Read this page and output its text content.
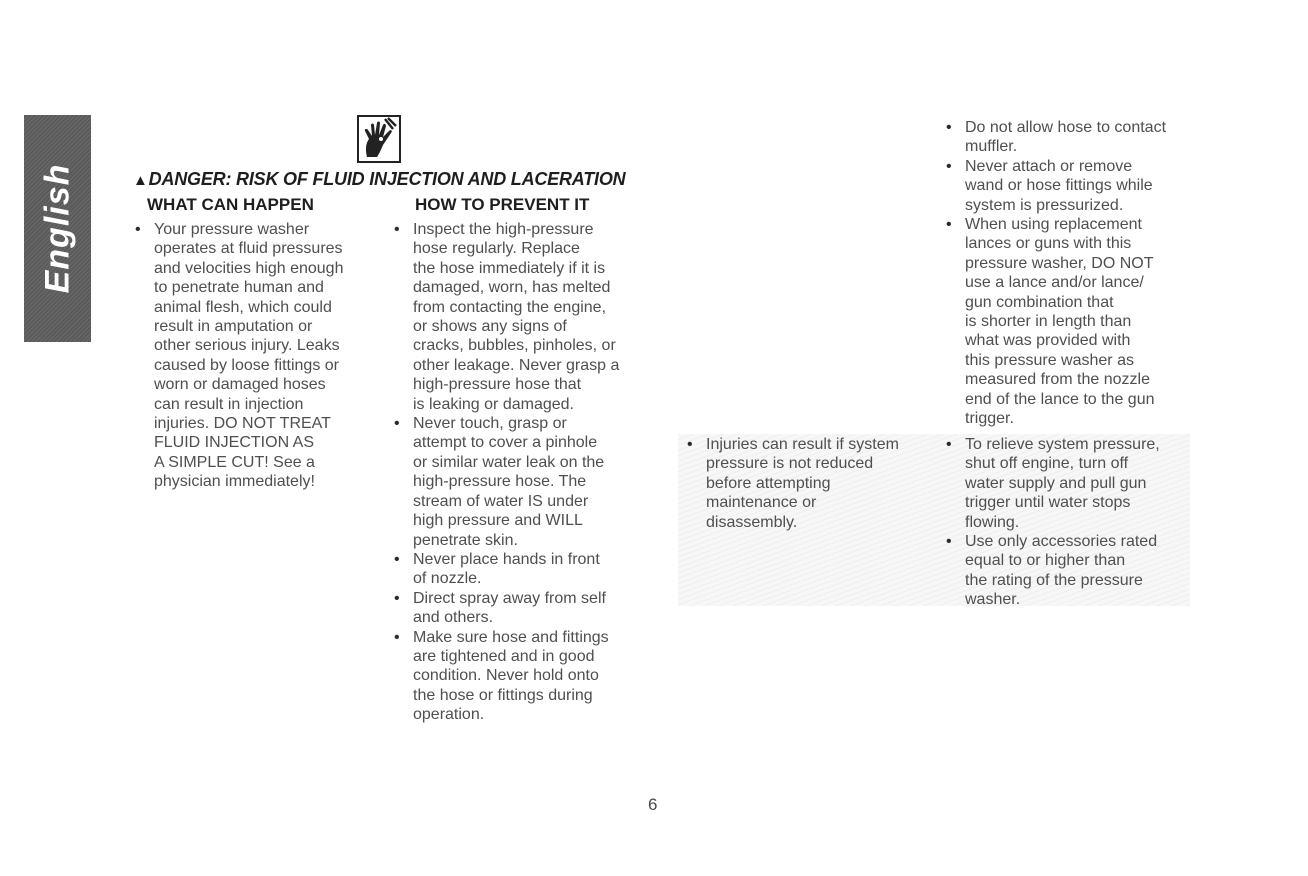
English	▲DANGER: RISK OF FLUID INJECTION AND LACERATION
WHAT CAN HAPPEN	HOW TO PREVENT IT
• Your pressure washer
operates at fluid pressures
and velocities high enough
to penetrate human and
animal flesh, which could
result in amputation or
other serious injury. Leaks
caused by loose fittings or
worn or damaged hoses
can result in injection
injuries. DO NOT TREAT
FLUID INJECTION AS
A SIMPLE CUT! See a
physician immediately!
• Inspect the high-pressure
hose regularly. Replace
the hose immediately if it is
damaged, worn, has melted
from contacting the engine,
or shows any signs of
cracks, bubbles, pinholes, or
other leakage. Never grasp a
high-pressure hose that
is leaking or damaged.
• Never touch, grasp or
attempt to cover a pinhole
or similar water leak on the
high-pressure hose. The
stream of water IS under
high pressure and WILL
penetrate skin.
• Never place hands in front
of nozzle.
• Direct spray away from self
and others.
• Make sure hose and fittings
are tightened and in good
condition. Never hold onto
the hose or fittings during
operation.
• Do not allow hose to contact
muffler.
• Never attach or remove
wand or hose fittings while
system is pressurized.
• When using replacement
lances or guns with this
pressure washer, DO NOT
use a lance and/or lance/
gun combination that
is shorter in length than
what was provided with
this pressure washer as
measured from the nozzle
end of the lance to the gun
trigger.
• Injuries can result if system
pressure is not reduced
before attempting
maintenance or
disassembly.
• To relieve system pressure,
shut off engine, turn off
water supply and pull gun
trigger until water stops
flowing.
• Use only accessories rated
equal to or higher than
the rating of the pressure
washer.
6
